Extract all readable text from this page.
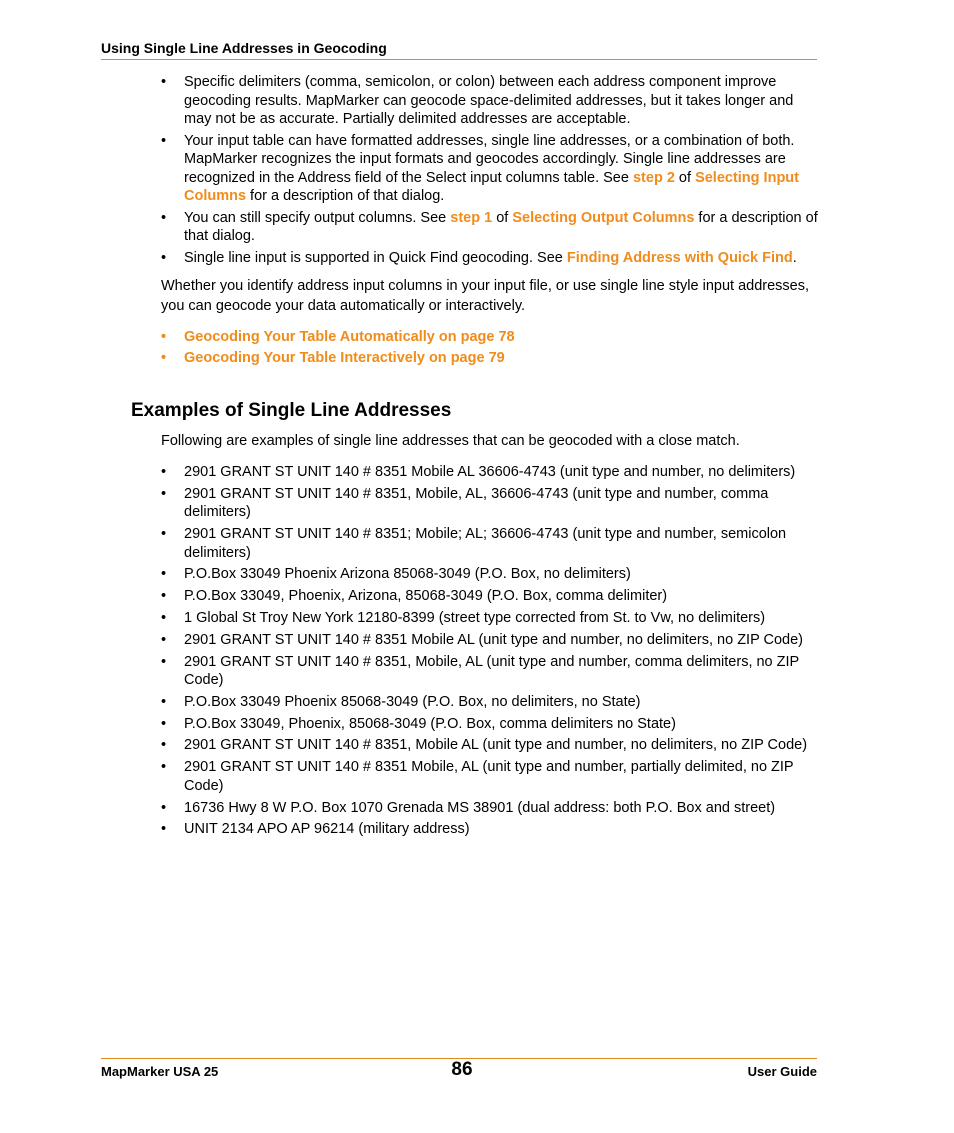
Using Single Line Addresses in Geocoding
• Specific delimiters (comma, semicolon, or colon) between each address component improve geocoding results. MapMarker can geocode space-delimited addresses, but it takes longer and may not be as accurate. Partially delimited addresses are acceptable.
• Your input table can have formatted addresses, single line addresses, or a combination of both. MapMarker recognizes the input formats and geocodes accordingly. Single line addresses are recognized in the Address field of the Select input columns table. See step 2 of Selecting Input Columns for a description of that dialog.
• You can still specify output columns. See step 1 of Selecting Output Columns for a description of that dialog.
• Single line input is supported in Quick Find geocoding. See Finding Address with Quick Find.
Whether you identify address input columns in your input file, or use single line style input addresses, you can geocode your data automatically or interactively.
• Geocoding Your Table Automatically on page 78
• Geocoding Your Table Interactively on page 79
Examples of Single Line Addresses
Following are examples of single line addresses that can be geocoded with a close match.
• 2901 GRANT ST UNIT 140 # 8351 Mobile AL 36606-4743 (unit type and number, no delimiters)
• 2901 GRANT ST UNIT 140 # 8351, Mobile, AL, 36606-4743 (unit type and number, comma delimiters)
• 2901 GRANT ST UNIT 140 # 8351; Mobile; AL; 36606-4743 (unit type and number, semicolon delimiters)
• P.O.Box 33049 Phoenix Arizona 85068-3049 (P.O. Box, no delimiters)
• P.O.Box 33049, Phoenix, Arizona, 85068-3049 (P.O. Box, comma delimiter)
• 1 Global St Troy New York 12180-8399 (street type corrected from St. to Vw, no delimiters)
• 2901 GRANT ST UNIT 140 # 8351 Mobile AL (unit type and number, no delimiters, no ZIP Code)
• 2901 GRANT ST UNIT 140 # 8351, Mobile, AL (unit type and number, comma delimiters, no ZIP Code)
• P.O.Box 33049 Phoenix 85068-3049 (P.O. Box, no delimiters, no State)
• P.O.Box 33049, Phoenix, 85068-3049 (P.O. Box, comma delimiters no State)
• 2901 GRANT ST UNIT 140 # 8351, Mobile AL (unit type and number, no delimiters, no ZIP Code)
• 2901 GRANT ST UNIT 140 # 8351 Mobile, AL (unit type and number, partially delimited, no ZIP Code)
• 16736 Hwy 8 W P.O. Box 1070 Grenada MS 38901 (dual address: both P.O. Box and street)
• UNIT 2134 APO AP 96214 (military address)
MapMarker USA 25	86	User Guide
